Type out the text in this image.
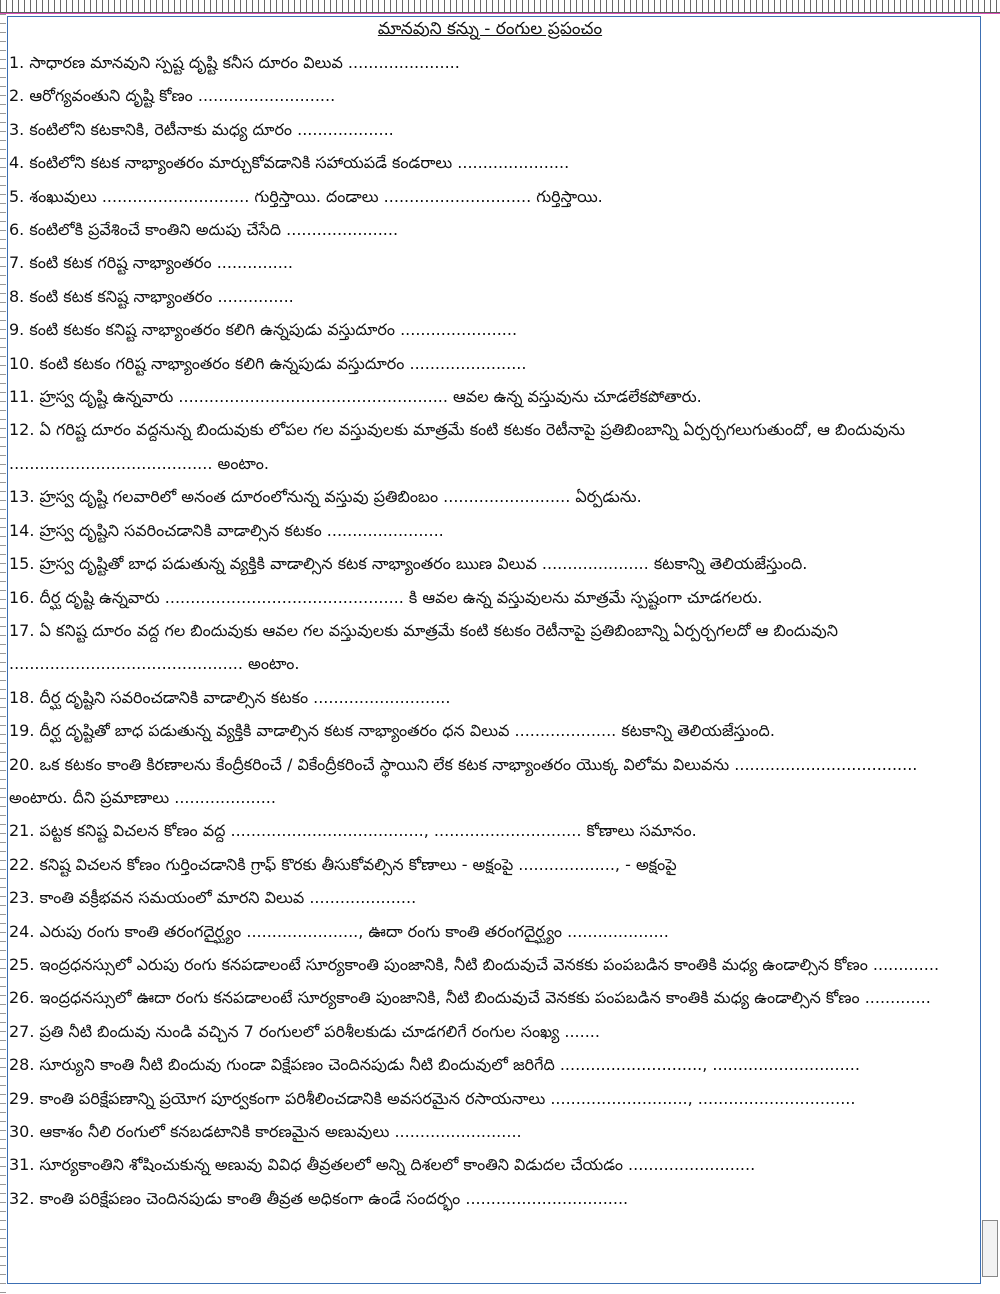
మానవుని కన్ను - రంగుల ప్రపంచం

1. సాధారణ మానవుని స్పష్ట దృష్టి కనీస దూరం విలువ ......................

2. ఆరోగ్యవంతుని దృష్టి కోణం ...........................

3. కంటిలోని కటకానికి, రెటీనాకు మధ్య దూరం ...................

4. కంటిలోని కటక నాభ్యాంతరం మార్చుకోవడానికి సహాయపడే కండరాలు ......................

5. శంఖువులు ............................. గుర్తిస్తాయి. దండాలు ............................. గుర్తిస్తాయి.

6. కంటిలోకి ప్రవేశించే కాంతిని అదుపు చేసేది ......................

7. కంటి కటక గరిష్ట నాభ్యాంతరం ...............

8. కంటి కటక కనిష్ట నాభ్యాంతరం ...............

9. కంటి కటకం కనిష్ట నాభ్యాంతరం కలిగి ఉన్నపుడు వస్తుదూరం .......................

10. కంటి కటకం గరిష్ట నాభ్యాంతరం కలిగి ఉన్నపుడు వస్తుదూరం .......................

11. హ్రస్వ దృష్టి ఉన్నవారు ..................................................... ఆవల ఉన్న వస్తువును చూడలేకపోతారు.

12. ఏ గరిష్ట దూరం వద్దనున్న బిందువుకు లోపల గల వస్తువులకు మాత్రమే కంటి కటకం రెటీనాపై ప్రతిబింబాన్ని ఏర్పర్చగలుగుతుందో, ఆ బిందువును ........................................ అంటాం.

13. హ్రస్వ దృష్టి గలవారిలో అనంత దూరంలోనున్న వస్తువు ప్రతిబింబం ......................... ఏర్పడును.

14. హ్రస్వ దృష్టిని సవరించడానికి వాడాల్సిన కటకం .......................

15. హ్రస్వ దృష్టితో బాధ పడుతున్న వ్యక్తికి వాడాల్సిన కటక నాభ్యాంతరం ఋణ విలువ ..................... కటకాన్ని తెలియజేస్తుంది.

16. దీర్ఘ దృష్టి ఉన్నవారు ............................................... కి ఆవల ఉన్న వస్తువులను మాత్రమే స్పష్టంగా చూడగలరు.

17. ఏ కనిష్ట దూరం వద్ద గల బిందువుకు ఆవల గల వస్తువులకు మాత్రమే కంటి కటకం రెటీనాపై ప్రతిబింబాన్ని ఏర్పర్చగలదో ఆ బిందువుని .............................................. అంటాం.

18. దీర్ఘ దృష్టిని సవరించడానికి వాడాల్సిన కటకం ...........................

19. దీర్ఘ దృష్టితో బాధ పడుతున్న వ్యక్తికి వాడాల్సిన కటక నాభ్యాంతరం ధన విలువ .................... కటకాన్ని తెలియజేస్తుంది.

20. ఒక కటకం కాంతి కిరణాలను కేంద్రీకరించే / వికేంద్రీకరించే స్థాయిని లేక కటక నాభ్యాంతరం యొక్క విలోమ విలువను .................................... అంటారు. దీని ప్రమాణాలు ....................

21. పట్టక కనిష్ట విచలన కోణం వద్ద ......................................, ............................. కోణాలు సమానం.

22. కనిష్ట విచలన కోణం గుర్తించడానికి గ్రాఫ్ కొరకు తీసుకోవల్సిన కోణాలు - అక్షంపై ..................., - అక్షంపై

23. కాంతి వక్రీభవన సమయంలో మారని విలువ .....................

24. ఎరుపు రంగు కాంతి తరంగదైర్ఘ్యం ......................, ఊదా రంగు కాంతి తరంగదైర్ఘ్యం ....................

25. ఇంద్రధనస్సులో ఎరుపు రంగు కనపడాలంటే సూర్యకాంతి పుంజానికి, నీటి బిందువుచే వెనకకు పంపబడిన కాంతికి మధ్య ఉండాల్సిన కోణం .............

26. ఇంద్రధనస్సులో ఊదా రంగు కనపడాలంటే సూర్యకాంతి పుంజానికి, నీటి బిందువుచే వెనకకు పంపబడిన కాంతికి మధ్య ఉండాల్సిన కోణం .............

27. ప్రతి నీటి బిందువు నుండి వచ్చిన 7 రంగులలో పరిశీలకుడు చూడగలిగే రంగుల సంఖ్య .......

28. సూర్యుని కాంతి నీటి బిందువు గుండా విక్షేపణం చెందినపుడు నీటి బిందువులో జరిగేది ............................, .............................

29. కాంతి పరిక్షేపణాన్ని ప్రయోగ పూర్వకంగా పరిశీలించడానికి అవసరమైన రసాయనాలు ..........................., ...............................

30. ఆకాశం నీలి రంగులో కనబడటానికి కారణమైన అణువులు .........................

31. సూర్యకాంతిని శోషించుకున్న అణువు వివిధ తీవ్రతలలో అన్ని దిశలలో కాంతిని విడుదల చేయడం .........................

32. కాంతి పరిక్షేపణం చెందినపుడు కాంతి తీవ్రత అధికంగా ఉండే సందర్భం ................................
